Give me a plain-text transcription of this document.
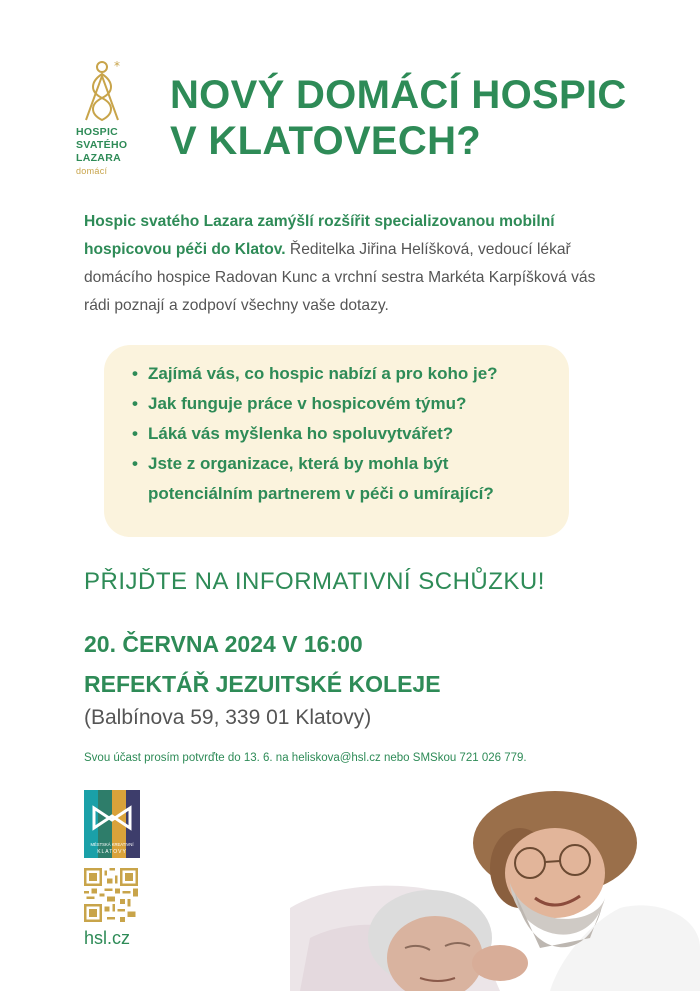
*
HOSPIC
SVATÉHO
LAZARA
domácí
NOVÝ DOMÁCÍ HOSPIC
V KLATOVECH?
Hospic svatého Lazara zamýšlí rozšířit specializovanou mobilní hospicovou péči do Klatov. Ředitelka Jiřina Helíšková, vedoucí lékař domácího hospice Radovan Kunc a vrchní sestra Markéta Karpíšková vás rádi poznají a zodpoví všechny vaše dotazy.
• Zajímá vás, co hospic nabízí a pro koho je?
• Jak funguje práce v hospicovém týmu?
• Láká vás myšlenka ho spoluvytvářet?
• Jste z organizace, která by mohla být
potenciálním partnerem v péči o umírající?
PŘIJĎTE NA INFORMATIVNÍ SCHŮZKU!
20. ČERVNA 2024 V 16:00
REFEKTÁŘ JEZUITSKÉ KOLEJE
(Balbínova 59, 339 01 Klatovy)
Svou účast prosím potvrďte do 13. 6. na heliskova@hsl.cz nebo SMSkou 721 026 779.
MĚSTSKÁ KREATIVNÍ
KLATOVY
hsl.cz
